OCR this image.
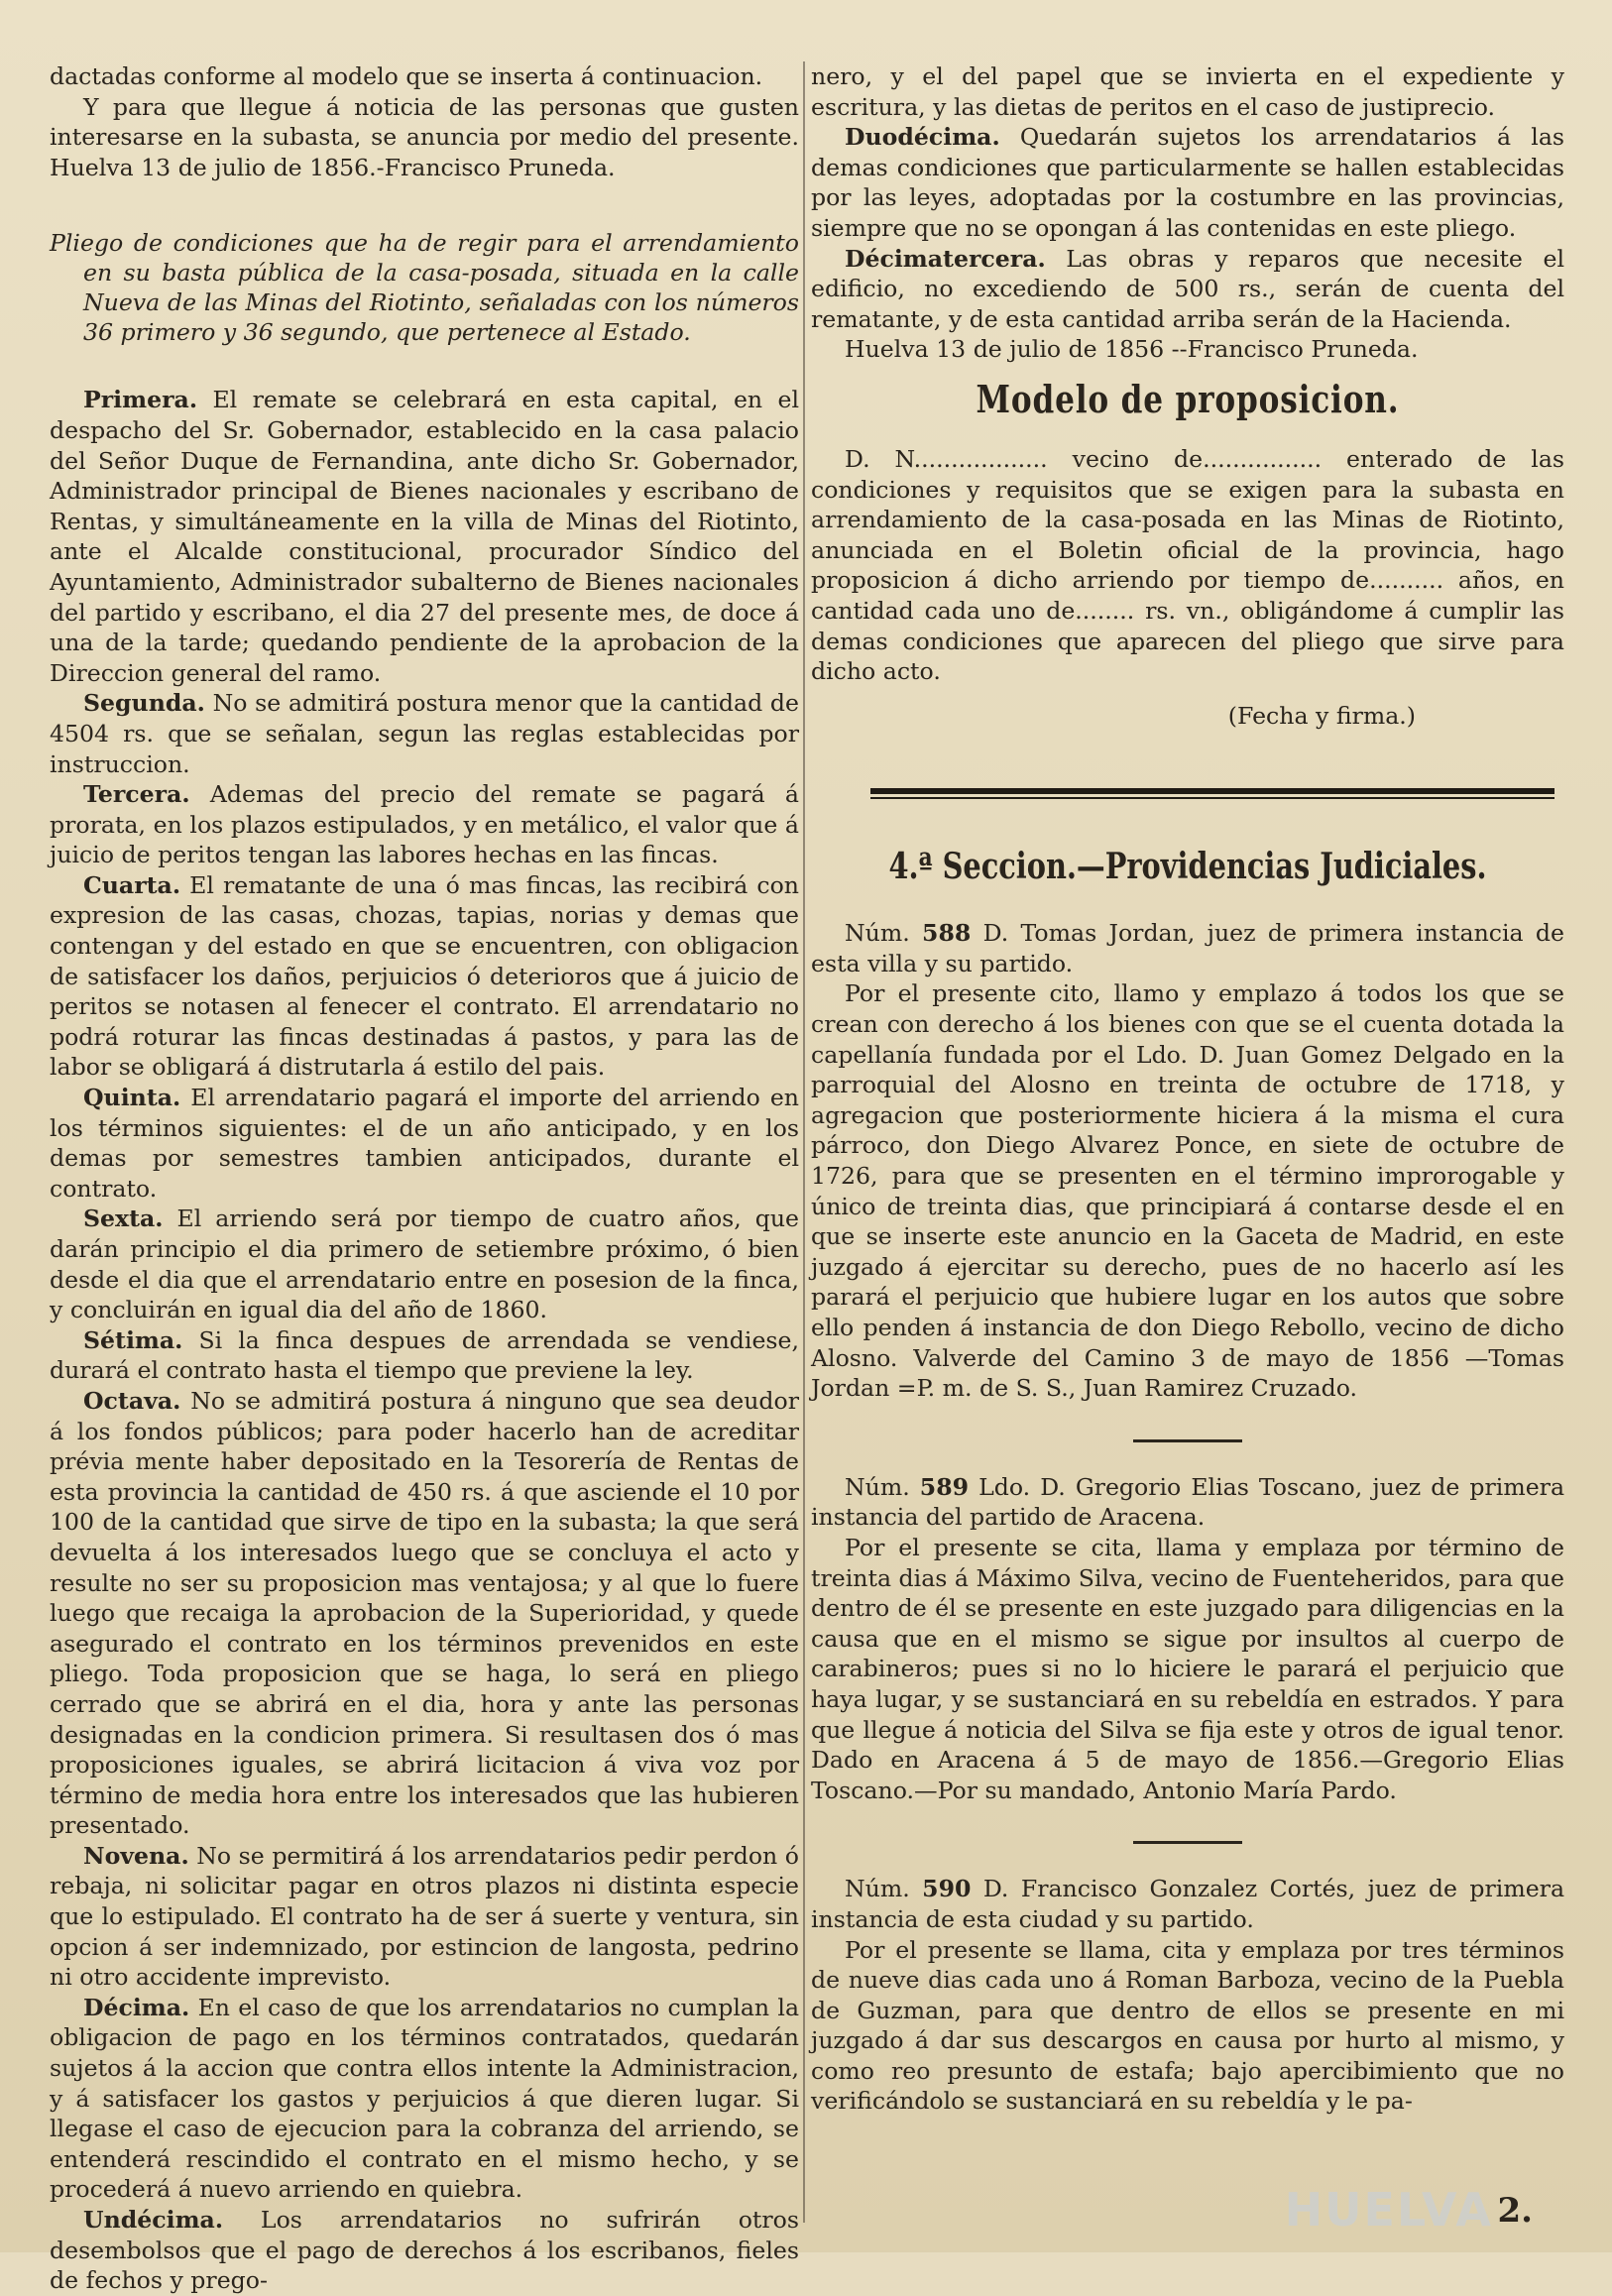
dactadas conforme al modelo que se inserta á continuacion.

Y para que llegue á noticia de las personas que gusten interesarse en la subasta, se anuncia por medio del presente. Huelva 13 de julio de 1856.-Francisco Pruneda.

Pliego de condiciones que ha de regir para el arrendamiento en su basta pública de la casa-posada, situada en la calle Nueva de las Minas del Riotinto, señaladas con los números 36 primero y 36 segundo, que pertenece al Estado.

Primera. El remate se celebrará en esta capital, en el despacho del Sr. Gobernador, establecido en la casa palacio del Señor Duque de Fernandina, ante dicho Sr. Gobernador, Administrador principal de Bienes nacionales y escribano de Rentas, y simultáneamente en la villa de Minas del Riotinto, ante el Alcalde constitucional, procurador Síndico del Ayuntamiento, Administrador subalterno de Bienes nacionales del partido y escribano, el dia 27 del presente mes, de doce á una de la tarde; quedando pendiente de la aprobacion de la Direccion general del ramo.

Segunda. No se admitirá postura menor que la cantidad de 4504 rs. que se señalan, segun las reglas establecidas por instruccion.

Tercera. Ademas del precio del remate se pagará á prorata, en los plazos estipulados, y en metálico, el valor que á juicio de peritos tengan las labores hechas en las fincas.

Cuarta. El rematante de una ó mas fincas, las recibirá con expresion de las casas, chozas, tapias, norias y demas que contengan y del estado en que se encuentren, con obligacion de satisfacer los daños, perjuicios ó deterioros que á juicio de peritos se notasen al fenecer el contrato. El arrendatario no podrá roturar las fincas destinadas á pastos, y para las de labor se obligará á distrutarla á estilo del pais.

Quinta. El arrendatario pagará el importe del arriendo en los términos siguientes: el de un año anticipado, y en los demas por semestres tambien anticipados, durante el contrato.

Sexta. El arriendo será por tiempo de cuatro años, que darán principio el dia primero de setiembre próximo, ó bien desde el dia que el arrendatario entre en posesion de la finca, y concluirán en igual dia del año de 1860.

Sétima. Si la finca despues de arrendada se vendiese, durará el contrato hasta el tiempo que previene la ley.

Octava. No se admitirá postura á ninguno que sea deudor á los fondos públicos; para poder hacerlo han de acreditar prévia mente haber depositado en la Tesorería de Rentas de esta provincia la cantidad de 450 rs. á que asciende el 10 por 100 de la cantidad que sirve de tipo en la subasta; la que será devuelta á los interesados luego que se concluya el acto y resulte no ser su proposicion mas ventajosa; y al que lo fuere luego que recaiga la aprobacion de la Superioridad, y quede asegurado el contrato en los términos prevenidos en este pliego. Toda proposicion que se haga, lo será en pliego cerrado que se abrirá en el dia, hora y ante las personas designadas en la condicion primera. Si resultasen dos ó mas proposiciones iguales, se abrirá licitacion á viva voz por término de media hora entre los interesados que las hubieren presentado.

Novena. No se permitirá á los arrendatarios pedir perdon ó rebaja, ni solicitar pagar en otros plazos ni distinta especie que lo estipulado. El contrato ha de ser á suerte y ventura, sin opcion á ser indemnizado, por estincion de langosta, pedrino ni otro accidente imprevisto.

Décima. En el caso de que los arrendatarios no cumplan la obligacion de pago en los términos contratados, quedarán sujetos á la accion que contra ellos intente la Administracion, y á satisfacer los gastos y perjuicios á que dieren lugar. Si llegase el caso de ejecucion para la cobranza del arriendo, se entenderá rescindido el contrato en el mismo hecho, y se procederá á nuevo arriendo en quiebra.

Undécima. Los arrendatarios no sufrirán otros desembolsos que el pago de derechos á los escribanos, fieles de fechos y prego-

nero, y el del papel que se invierta en el expediente y escritura, y las dietas de peritos en el caso de justiprecio.

Duodécima. Quedarán sujetos los arrendatarios á las demas condiciones que particularmente se hallen establecidas por las leyes, adoptadas por la costumbre en las provincias, siempre que no se opongan á las contenidas en este pliego.

Décimatercera. Las obras y reparos que necesite el edificio, no excediendo de 500 rs., serán de cuenta del rematante, y de esta cantidad arriba serán de la Hacienda.

Huelva 13 de julio de 1856 --Francisco Pruneda.

Modelo de proposicion.

D. N.................. vecino de................ enterado de las condiciones y requisitos que se exigen para la subasta en arrendamiento de la casa-posada en las Minas de Riotinto, anunciada en el Boletin oficial de la provincia, hago proposicion á dicho arriendo por tiempo de.......... años, en cantidad cada uno de........ rs. vn., obligándome á cumplir las demas condiciones que aparecen del pliego que sirve para dicho acto.

(Fecha y firma.)

4.ª Seccion.—Providencias Judiciales.

Núm. 588 D. Tomas Jordan, juez de primera instancia de esta villa y su partido.

Por el presente cito, llamo y emplazo á todos los que se crean con derecho á los bienes con que se el cuenta dotada la capellanía fundada por el Ldo. D. Juan Gomez Delgado en la parroquial del Alosno en treinta de octubre de 1718, y agregacion que posteriormente hiciera á la misma el cura párroco, don Diego Alvarez Ponce, en siete de octubre de 1726, para que se presenten en el término improrogable y único de treinta dias, que principiará á contarse desde el en que se inserte este anuncio en la Gaceta de Madrid, en este juzgado á ejercitar su derecho, pues de no hacerlo así les parará el perjuicio que hubiere lugar en los autos que sobre ello penden á instancia de don Diego Rebollo, vecino de dicho Alosno. Valverde del Camino 3 de mayo de 1856 —Tomas Jordan =P. m. de S. S., Juan Ramirez Cruzado.

Núm. 589 Ldo. D. Gregorio Elias Toscano, juez de primera instancia del partido de Aracena.

Por el presente se cita, llama y emplaza por término de treinta dias á Máximo Silva, vecino de Fuenteheridos, para que dentro de él se presente en este juzgado para diligencias en la causa que en el mismo se sigue por insultos al cuerpo de carabineros; pues si no lo hiciere le parará el perjuicio que haya lugar, y se sustanciará en su rebeldía en estrados. Y para que llegue á noticia del Silva se fija este y otros de igual tenor. Dado en Aracena á 5 de mayo de 1856.—Gregorio Elias Toscano.—Por su mandado, Antonio María Pardo.

Núm. 590 D. Francisco Gonzalez Cortés, juez de primera instancia de esta ciudad y su partido.

Por el presente se llama, cita y emplaza por tres términos de nueve dias cada uno á Roman Barboza, vecino de la Puebla de Guzman, para que dentro de ellos se presente en mi juzgado á dar sus descargos en causa por hurto al mismo, y como reo presunto de estafa; bajo apercibimiento que no verificándolo se sustanciará en su rebeldía y le pa-

HUELVA 2.
